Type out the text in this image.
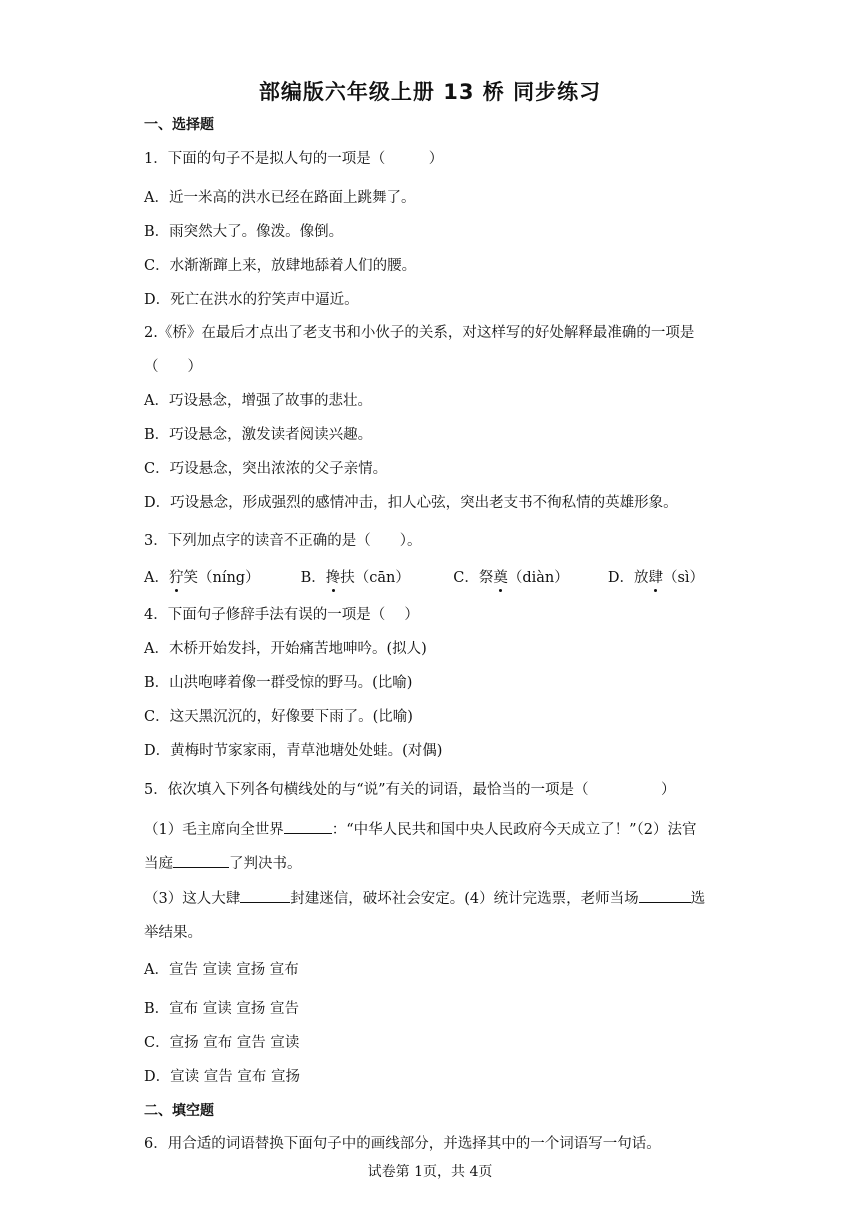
部编版六年级上册 13 桥 同步练习
一、选择题
1．下面的句子不是拟人句的一项是（　　　）
A．近一米高的洪水已经在路面上跳舞了。
B．雨突然大了。像泼。像倒。
C．水渐渐蹿上来，放肆地舔着人们的腰。
D．死亡在洪水的狞笑声中逼近。
2.《桥》在最后才点出了老支书和小伙子的关系，对这样写的好处解释最准确的一项是
（　　）
A．巧设悬念，增强了故事的悲壮。
B．巧设悬念，激发读者阅读兴趣。
C．巧设悬念，突出浓浓的父子亲情。
D．巧设悬念，形成强烈的感情冲击，扣人心弦，突出老支书不徇私情的英雄形象。
3．下列加点字的读音不正确的是（　　）。
A．狞笑（níng）	B．搀扶（cān）	C．祭奠（diàn）	D．放肆（sì）
4．下面句子修辞手法有误的一项是（　 ）
A．木桥开始发抖，开始痛苦地呻吟。(拟人)
B．山洪咆哮着像一群受惊的野马。(比喻)
C．这天黑沉沉的，好像要下雨了。(比喻)
D．黄梅时节家家雨，青草池塘处处蛙。(对偶)
5．依次填入下列各句横线处的与“说”有关的词语，最恰当的一项是（　　　　　）
（1）毛主席向全世界	：“中华人民共和国中央人民政府今天成立了！”（2）法官
当庭	了判决书。
（3）这人大肆	封建迷信，破坏社会安定。(4）统计完选票，老师当场	选
举结果。
A．宣告 宣读 宣扬 宣布
B．宣布 宣读 宣扬 宣告
C．宣扬 宣布 宣告 宣读
D．宣读 宣告 宣布 宣扬
二、填空题
6．用合适的词语替换下面句子中的画线部分，并选择其中的一个词语写一句话。
试卷第 1页，共 4页
